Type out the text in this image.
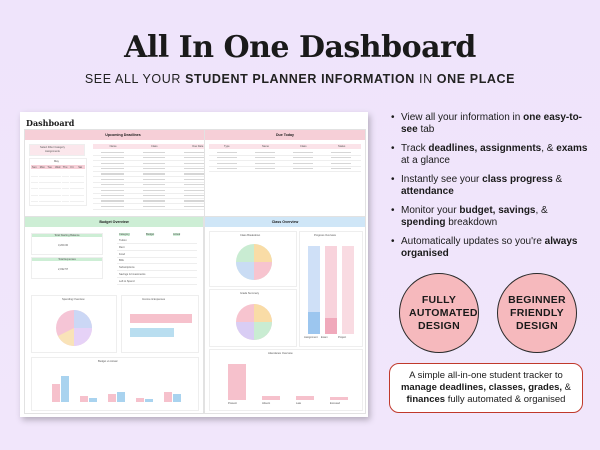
All In One Dashboard
SEE ALL YOUR STUDENT PLANNER INFORMATION IN ONE PLACE
Dashboard
Upcoming Deadlines
Select Filter Category
Assignments
May
Sun Mon Tue Wed Thu Fri Sat
Name	Class	Due Date
Due Today
Type	Name	Class	Status
Budget Overview
Total Starting Balance
3,200.00
Total Expenses
2,032.57
Category	Budget	Actual
Tuition
Rent
Food
Bills
Subscriptions
Savings & Investments
Left to Spend
Spending Overview	Income & Expenses
Budget vs Actual
Class Overview
Class Breakdown
Grade Summary
Progress Overview
Assignment Exam	Project
Attendance Overview
Present	Absent	Late	Excused
• View all your information in one easy-to-see tab
• Track deadlines, assignments, & exams at a glance
• Instantly see your class progress & attendance
• Monitor your budget, savings, & spending breakdown
• Automatically updates so you're always organised
FULLY AUTOMATED DESIGN
BEGINNER FRIENDLY DESIGN
A simple all-in-one student tracker to manage deadlines, classes, grades, & finances fully automated & organised
